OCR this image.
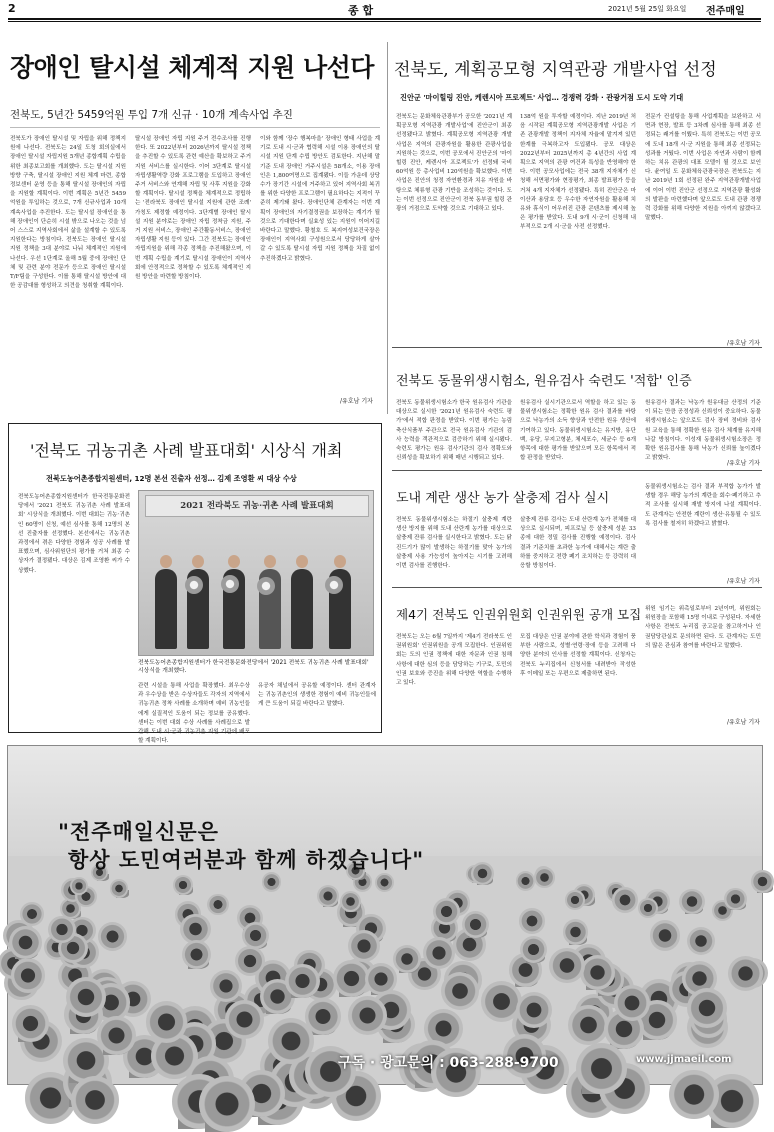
2	종 합	2021년 5월 25일 화요일 전주매일
장애인 탈시설 체계적 지원 나선다
전북도, 5년간 5459억원 투입 7개 신규 · 10개 계속사업 추진
전북도가 장애인 탈시설 및 자립을 위해 정책지원에 나선다. 전북도는 24일 도청 회의실에서 장애인 탈시설 자립지원 5개년 종합계획 수립을 위한 최종보고회를 개최했다. 도는 탈시설 지원 방향 구축, 탈시설 장애인 지원 체계 마련, 종합정보센터 운영 등을 통해 탈시설 장애인의 자립을 지원할 계획이다. 이번 계획은 5년간 5459억원을 투입하는 것으로, 7개 신규사업과 10개 계속사업을 추진한다. 도는 탈시설 장애인을 통해 장애인이 단순히 시설 밖으로 나오는 것을 넘어 스스로 지역사회에서 삶을 설계할 수 있도록 지원한다는 방침이다. 전북도는 장애인 탈시설 지원 정책을 3대 분야로 나눠 체계적인 지원에 나선다. 우선 1단계로 올해 5월 중에 장애인 단체 및 관련 분야 전문가 등으로 장애인 탈시설 T/F팀을 구성한다. 이를 통해 탈시설 방안에 대한 공감대를 형성하고 의견을 청취할 계획이다.
탈시설 장애인 자립 지원 주거 전수조사를 진행한다. 또 2022년부터 2026년까지 탈시설 정책을 추진할 수 있도록 관련 예산을 확보하고 주거 지원 서비스를 실시한다. 이어 3단계로 탈시설 자립생활역량 강화 프로그램을 도입하고 장애인 주거 서비스와 연계해 자립 및 사후 지원을 강화할 계획이다. 탈시설 정책을 체계적으로 정립하는 '전라북도 장애인 탈시설 지원에 관한 조례' 가칭도 제정할 예정이다. 3단계별 장애인 탈시설 지원 분야로는 장애인 자립 정착금 지원, 주거 지원 서비스, 장애인 주간활동서비스, 장애인 자립생활 지원 등이 있다. 그간 전북도는 장애인 자립지원을 위해 각종 정책을 추진해왔으며, 이번 계획 수립을 계기로 탈시설 장애인이 지역사회에 안정적으로 정착할 수 있도록 체계적인 지원 방안을 마련할 방침이다.
이와 함께 '장수 행복마을' 장애인 형태 사업을 계기로 도내 시·군과 협력해 시설 이용 장애인의 탈시설 지원 단계 수립 방안도 검토한다. 지난해 말 기준 도내 장애인 거주시설은 58개소, 이용 장애인은 1,800여명으로 집계됐다. 이들 가운데 상당수가 장기간 시설에 거주하고 있어 지역사회 복귀를 위한 다양한 프로그램이 필요하다는 지적이 꾸준히 제기돼 왔다. 장애인단체 관계자는 이번 계획이 장애인의 자기결정권을 보장하는 계기가 될 것으로 기대한다며 실효성 있는 지원이 이어지길 바란다고 말했다. 황철호 도 복지여성보건국장은 장애인이 지역사회 구성원으로서 당당하게 살아갈 수 있도록 탈시설 자립 지원 정책을 차질 없이 추진하겠다고 밝혔다.
/유호남 기자
전북도, 계획공모형 지역관광 개발사업 선정
진안군 '마이힐링 진안, 케렌시아 프로젝트' 사업… 경쟁력 강화 · 관광거점 도시 도약 기대
전북도는 문화체육관광부가 공모한 '2021년 계획공모형 지역관광 개발사업'에 진안군이 최종 선정됐다고 밝혔다. 계획공모형 지역관광 개발사업은 지역의 관광자원을 활용한 관광사업을 지원하는 것으로, 이번 공모에서 진안군의 '마이힐링 진안, 케렌시아 프로젝트'가 선정돼 국비 60억원 등 총사업비 120억원을 확보했다. 이번 사업은 진안의 청정 자연환경과 치유 자원을 바탕으로 체류형 관광 기반을 조성하는 것이다. 도는 이번 선정으로 진안군이 전북 동부권 힐링 관광의 거점으로 도약할 것으로 기대하고 있다.
138억 원을 투자할 예정이다. 지난 2019년 처음 시작된 계획공모형 지역관광개발 사업은 기존 관광개발 정책이 지자체 자율에 맡겨져 있던 한계를 극복하고자 도입됐다. 공모 대상은 2022년부터 2025년까지 총 4년간의 사업 계획으로 지역의 관광 여건과 특성을 반영해야 한다. 이번 공모사업에는 전국 38개 지자체가 신청해 서면평가와 현장평가, 최종 발표평가 등을 거쳐 4개 지자체가 선정됐다. 특히 진안군은 마이산과 용담호 등 우수한 자연자원을 활용해 치유와 휴식이 어우러진 관광 콘텐츠를 제시해 높은 평가를 받았다. 도내 9개 시·군이 신청해 내부적으로 2개 시·군을 사전 선정했다.
전문가 컨설팅을 통해 사업계획을 보완하고 서면과 현장, 발표 등 3차례 심사를 통해 최종 선정되는 쾌거를 이뤘다. 특히 전북도는 이번 공모에 도내 18개 시·군 지원을 통해 최종 선정되는 성과를 거뒀다. 이번 사업은 자연과 사람이 함께하는 치유 관광의 대표 모델이 될 것으로 보인다. 윤여일 도 문화체육관광국장은 전북도는 지난 2019년 1회 선정된 완주 지역관광개발사업에 이어 이번 진안군 선정으로 지역관광 활성화의 발판을 마련했다며 앞으로도 도내 관광 경쟁력 강화를 위해 다양한 지원을 아끼지 않겠다고 말했다.
/유호남 기자
전북도 동물위생시험소, 원유검사 숙련도 '적합' 인증
전북도 동물위생시험소가 한국 원유검사 기관을 대상으로 실시한 '2021년 원유검사 숙련도 평가'에서 적합 판정을 받았다. 이번 평가는 농림축산식품부 주관으로 전국 원유검사 기관의 검사 능력을 객관적으로 검증하기 위해 실시됐다. 숙련도 평가는 원유 검사기관의 검사 정확도와 신뢰성을 확보하기 위해 매년 시행되고 있다.
원유검사 실시기관으로서 역할을 하고 있는 동물위생시험소는 정확한 원유 검사 결과를 바탕으로 낙농가의 소득 향상과 안전한 원유 생산에 기여하고 있다. 동물위생시험소는 유지방, 유단백, 유당, 무지고형분, 체세포수, 세균수 등 6개 항목에 대한 평가를 받았으며 모든 항목에서 적합 판정을 받았다.
원유검사 결과는 낙농가 원유대금 산정의 기준이 되는 만큼 공정성과 신뢰성이 중요하다. 동물위생시험소는 앞으로도 검사 장비 정비와 검사원 교육을 통해 정확한 원유 검사 체계를 유지해 나갈 방침이다. 이성재 동물위생시험소장은 정확한 원유검사를 통해 낙농가 신뢰를 높이겠다고 밝혔다.
/유호남 기자
도내 계란 생산 농가 살충제 검사 실시
전북도 동물위생시험소는 하절기 살충제 계란 생산 방지를 위해 도내 산란계 농가를 대상으로 살충제 잔류 검사를 실시한다고 밝혔다. 도는 닭 진드기가 많이 발생하는 하절기를 맞아 농가의 살충제 사용 가능성이 높아지는 시기를 고려해 이번 검사를 진행한다.
살충제 잔류 검사는 도내 산란계 농가 전체를 대상으로 실시되며, 피프로닐 등 살충제 성분 33종에 대한 정밀 검사를 진행할 예정이다. 검사 결과 기준치를 초과한 농가에 대해서는 계란 출하를 중지하고 전량 폐기 조치하는 등 강력히 대응할 방침이다.
동물위생시험소는 검사 결과 부적합 농가가 발생할 경우 해당 농가의 계란을 회수·폐기하고 추적 조사를 실시해 재발 방지에 나설 계획이다. 도 관계자는 안전한 계란이 생산·유통될 수 있도록 검사를 철저히 하겠다고 밝혔다.
/유호남 기자
제4기 전북도 인권위원회 인권위원 공개 모집
전북도는 오는 6월 7일까지 '제4기 전라북도 인권위원회' 인권위원을 공개 모집한다. 인권위원회는 도의 인권 정책에 대한 자문과 인권 침해 사항에 대한 심의 등을 담당하는 기구로, 도민의 인권 보호와 증진을 위해 다양한 역할을 수행하고 있다.
모집 대상은 인권 분야에 관한 학식과 경험이 풍부한 사람으로, 성별·연령·장애 등을 고려해 다양한 분야의 인사를 선정할 계획이다. 신청자는 전북도 누리집에서 신청서를 내려받아 작성한 후 이메일 또는 우편으로 제출하면 된다.
위원 임기는 위촉일로부터 2년이며, 위원회는 위원장을 포함해 15명 이내로 구성된다. 자세한 사항은 전북도 누리집 공고문을 참고하거나 인권담당관실로 문의하면 된다. 도 관계자는 도민의 많은 관심과 참여를 바란다고 말했다.
/유호남 기자
'전북도 귀농귀촌 사례 발표대회' 시상식 개최
전북도농어촌종합지원센터, 12명 본선 진출자 선정… 김제 조영환 씨 대상 수상
전북도농어촌종합지원센터가 한국전통문화전당에서 '2021 전북도 귀농귀촌 사례 발표대회' 시상식을 개최했다. 이번 대회는 귀농·귀촌인 60명이 신청, 예선 심사를 통해 12명의 본선 진출자를 선정했다. 본선에서는 귀농귀촌 과정에서 겪은 다양한 경험과 성공 사례를 발표했으며, 심사위원단의 평가를 거쳐 최종 수상자가 결정됐다. 대상은 김제 조영환 씨가 수상했다.
2021 전라북도 귀농·귀촌 사례 발표대회
전북도농어촌종합지원센터가 한국전통문화전당에서 '2021 전북도 귀농귀촌 사례 발표대회' 시상식을 개최했다.
관련 시설을 통해 사업을 확장했다. 최우수상과 우수상을 받은 수상자들도 각자의 지역에서 귀농귀촌 정착 사례를 소개하며 예비 귀농인들에게 실질적인 도움이 되는 정보를 공유했다. 센터는 이번 대회 수상 사례를 사례집으로 발간해 도내 시·군과 귀농귀촌 지원 기관에 배포할 계획이다.
유공자 채널에서 공유할 예정이다. 센터 관계자는 귀농귀촌인의 생생한 경험이 예비 귀농인들에게 큰 도움이 되길 바란다고 말했다.
"전주매일신문은
항상 도민여러분과 함께 하겠습니다"
구독 · 광고문의 : 063-288-9700	www.jjmaeil.com
